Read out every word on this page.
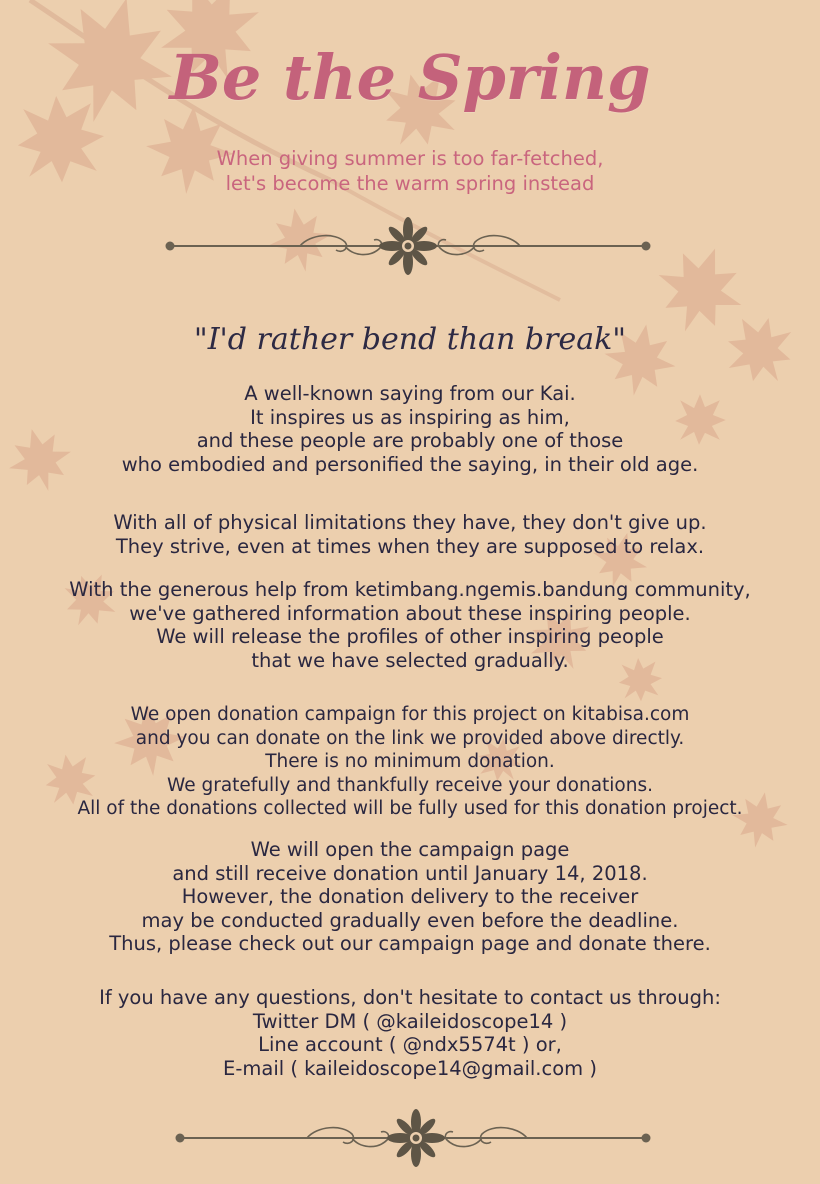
Be the Spring
When giving summer is too far-fetched,
let's become the warm spring instead
"I'd rather bend than break"
A well-known saying from our Kai.
It inspires us as inspiring as him,
and these people are probably one of those
who embodied and personified the saying, in their old age.
With all of physical limitations they have, they don't give up.
They strive, even at times when they are supposed to relax.
With the generous help from ketimbang.ngemis.bandung community,
we've gathered information about these inspiring people.
We will release the profiles of other inspiring people
that we have selected gradually.
We open donation campaign for this project on kitabisa.com
and you can donate on the link we provided above directly.
There is no minimum donation.
We gratefully and thankfully receive your donations.
All of the donations collected will be fully used for this donation project.
We will open the campaign page
and still receive donation until January 14, 2018.
However, the donation delivery to the receiver
may be conducted gradually even before the deadline.
Thus, please check out our campaign page and donate there.
If you have any questions, don't hesitate to contact us through:
Twitter DM ( @kaileidoscope14 )
Line account ( @ndx5574t ) or,
E-mail ( kaileidoscope14@gmail.com )
